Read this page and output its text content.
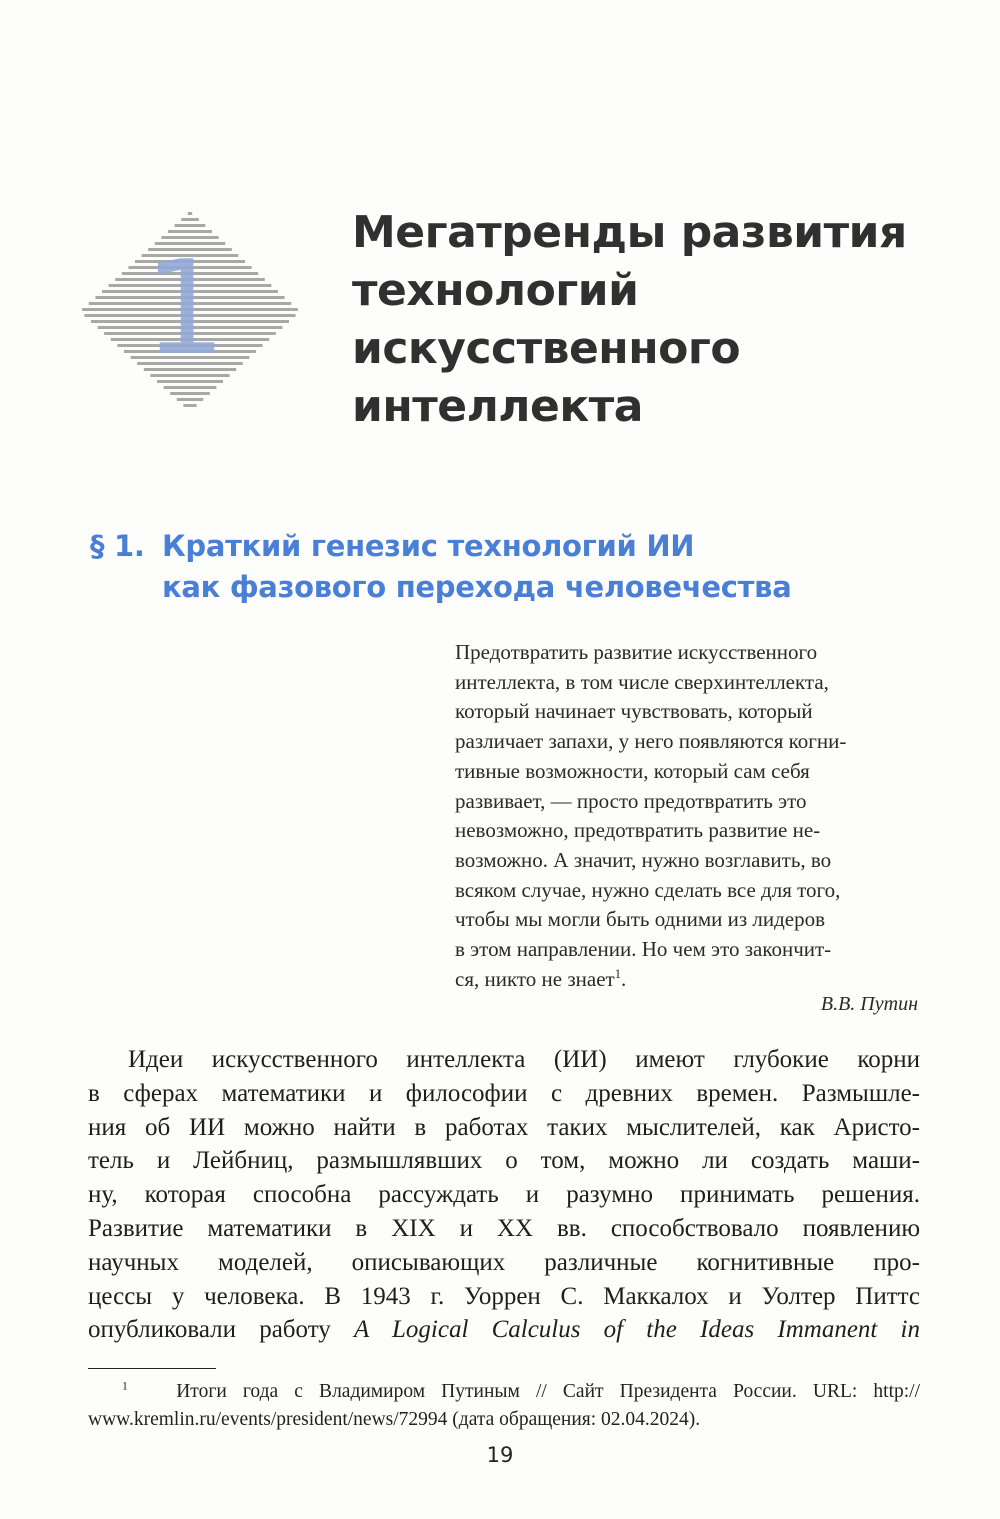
1	Мегатренды развития
технологий
искусственного
интеллекта
§ 1. Краткий генезис технологий ИИ
как фазового перехода человечества
Предотвратить развитие искусственного
интеллекта, в том числе сверхинтеллекта,
который начинает чувствовать, который
различает запахи, у него появляются когни-
тивные возможности, который сам себя
развивает, — просто предотвратить это
невозможно, предотвратить развитие не-
возможно. А значит, нужно возглавить, во
всяком случае, нужно сделать все для того,
чтобы мы могли быть одними из лидеров
в этом направлении. Но чем это закончит-
ся, никто не знает$^1$.
В.В. Путин
Идеи искусственного интеллекта (ИИ) имеют глубокие корни
в сферах математики и философии с древних времен. Размышле-
ния об ИИ можно найти в работах таких мыслителей, как Аристо-
тель и Лейбниц, размышлявших о том, можно ли создать маши-
ну, которая способна рассуждать и разумно принимать решения.
Развитие математики в XIX и XX вв. способствовало появлению
научных моделей, описывающих различные когнитивные про-
цессы у человека. В 1943 г. Уоррен С. Маккалох и Уолтер Питтс
опубликовали работу A Logical Calculus of the Ideas Immanent in
$^1$ Итоги года с Владимиром Путиным // Сайт Президента России. URL: http://
www.kremlin.ru/events/president/news/72994 (дата обращения: 02.04.2024).
19
